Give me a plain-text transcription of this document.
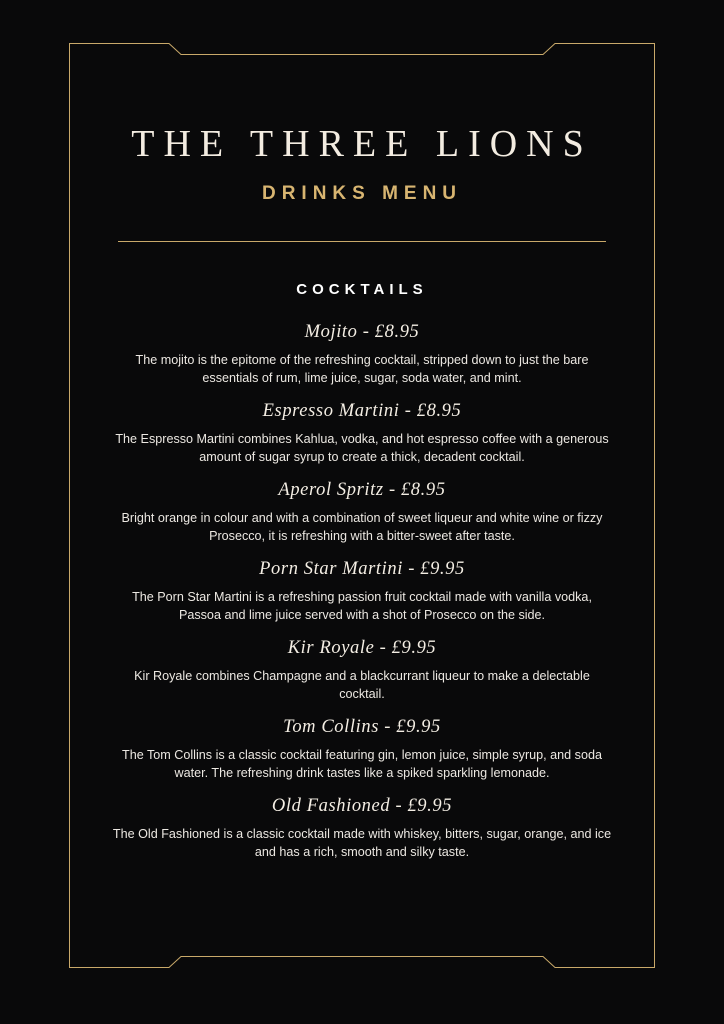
THE THREE LIONS
DRINKS MENU
COCKTAILS
Mojito - £8.95
The mojito is the epitome of the refreshing cocktail, stripped down to just the bare essentials of rum, lime juice, sugar, soda water, and mint.
Espresso Martini - £8.95
The Espresso Martini combines Kahlua, vodka, and hot espresso coffee with a generous amount of sugar syrup to create a thick, decadent cocktail.
Aperol Spritz - £8.95
Bright orange in colour and with a combination of sweet liqueur and white wine or fizzy Prosecco, it is refreshing with a bitter-sweet after taste.
Porn Star Martini - £9.95
The Porn Star Martini is a refreshing passion fruit cocktail made with vanilla vodka, Passoa and lime juice served with a shot of Prosecco on the side.
Kir Royale - £9.95
Kir Royale combines Champagne and a blackcurrant liqueur to make a delectable cocktail.
Tom Collins - £9.95
The Tom Collins is a classic cocktail featuring gin, lemon juice, simple syrup, and soda water. The refreshing drink tastes like a spiked sparkling lemonade.
Old Fashioned - £9.95
The Old Fashioned is a classic cocktail made with whiskey, bitters, sugar, orange, and ice and has a rich, smooth and silky taste.
